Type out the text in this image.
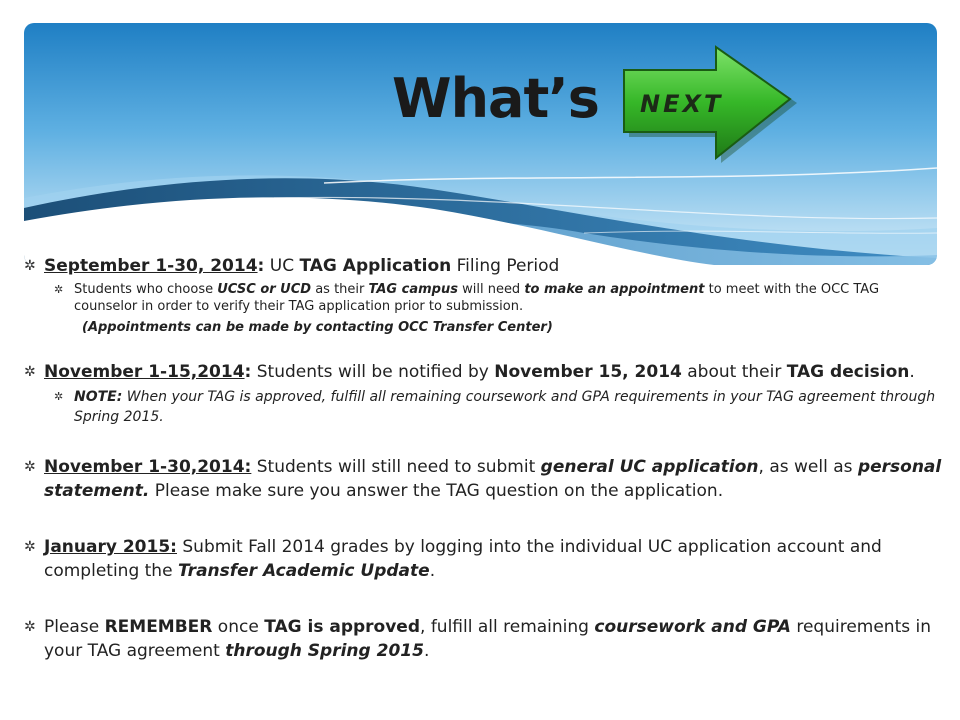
What’s NEXT
✲ September 1-30, 2014: UC TAG Application Filing Period
✲ Students who choose UCSC or UCD as their TAG campus will need to make an appointment to meet with the OCC TAG counselor in order to verify their TAG application prior to submission.
(Appointments can be made by contacting OCC Transfer Center)
✲ November 1-15,2014: Students will be notified by November 15, 2014 about their TAG decision.
✲ NOTE: When your TAG is approved, fulfill all remaining coursework and GPA requirements in your TAG agreement through Spring 2015.
✲ November 1-30,2014: Students will still need to submit general UC application, as well as personal statement. Please make sure you answer the TAG question on the application.
✲ January 2015: Submit Fall 2014 grades by logging into the individual UC application account and completing the Transfer Academic Update.
✲ Please REMEMBER once TAG is approved, fulfill all remaining coursework and GPA requirements in your TAG agreement through Spring 2015.
